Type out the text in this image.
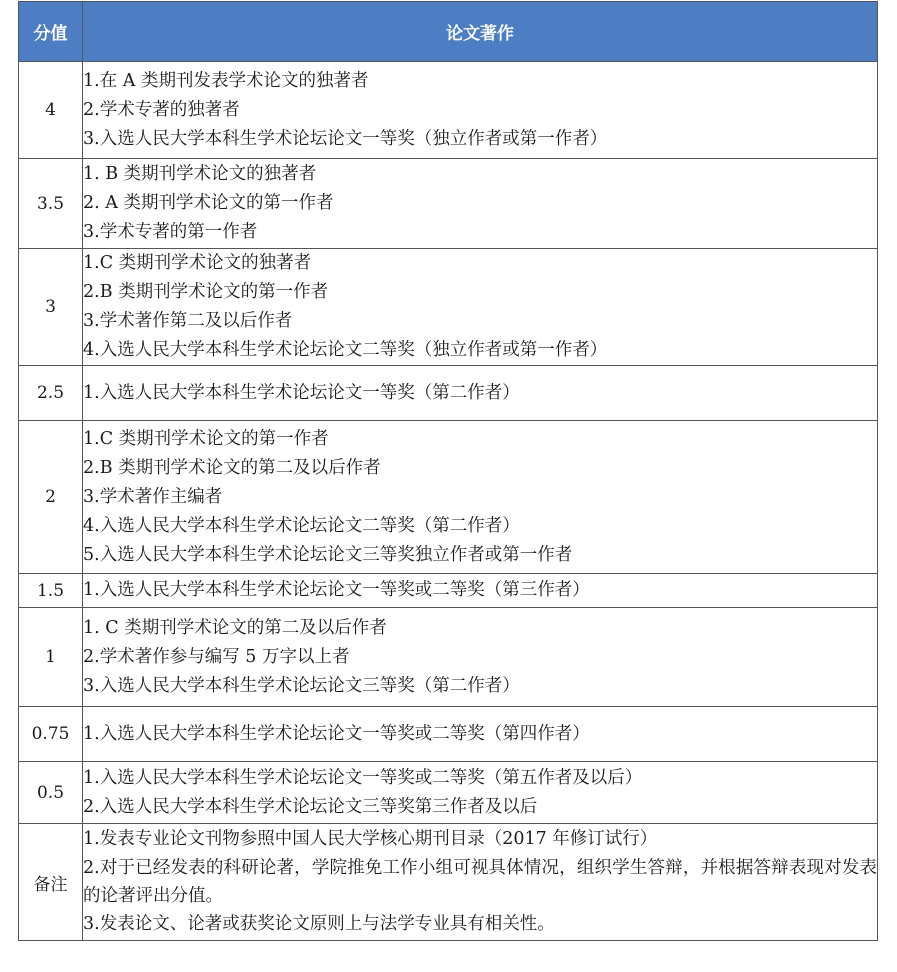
分值	论文著作
4	1.在 A 类期刊发表学术论文的独著者
2.学术专著的独著者
3.入选人民大学本科生学术论坛论文一等奖（独立作者或第一作者）

3.5	1. B 类期刊学术论文的独著者
2. A 类期刊学术论文的第一作者
3.学术专著的第一作者

3	1.C 类期刊学术论文的独著者
2.B 类期刊学术论文的第一作者
3.学术著作第二及以后作者
4.入选人民大学本科生学术论坛论文二等奖（独立作者或第一作者）

2.5	1.入选人民大学本科生学术论坛论文一等奖（第二作者）

2	1.C 类期刊学术论文的第一作者
2.B 类期刊学术论文的第二及以后作者
3.学术著作主编者
4.入选人民大学本科生学术论坛论文二等奖（第二作者）
5.入选人民大学本科生学术论坛论文三等奖独立作者或第一作者

1.5	1.入选人民大学本科生学术论坛论文一等奖或二等奖（第三作者）

1	1. C 类期刊学术论文的第二及以后作者
2.学术著作参与编写 5 万字以上者
3.入选人民大学本科生学术论坛论文三等奖（第二作者）

0.75	1.入选人民大学本科生学术论坛论文一等奖或二等奖（第四作者）

0.5	1.入选人民大学本科生学术论坛论文一等奖或二等奖（第五作者及以后）
2.入选人民大学本科生学术论坛论文三等奖第三作者及以后

备注	1.发表专业论文刊物参照中国人民大学核心期刊目录（2017 年修订试行）
2.对于已经发表的科研论著，学院推免工作小组可视具体情况，组织学生答辩，并根据答辩表现对发表的论著评出分值。
3.发表论文、论著或获奖论文原则上与法学专业具有相关性。
